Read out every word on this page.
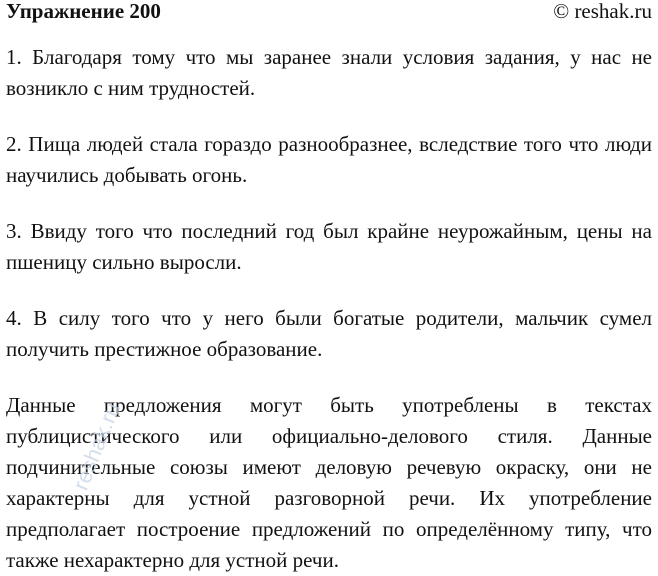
Упражнение 200	© reshak.ru

1. Благодаря тому что мы заранее знали условия задания, у нас не возникло с ним трудностей.

2. Пища людей стала гораздо разнообразнее, вследствие того что люди научились добывать огонь.

3. Ввиду того что последний год был крайне неурожайным, цены на пшеницу сильно выросли.

4. В силу того что у него были богатые родители, мальчик сумел получить престижное образование.

Данные предложения могут быть употреблены в текстах публицистического или официально-делового стиля. Данные подчинительные союзы имеют деловую речевую окраску, они не характерны для устной разговорной речи. Их употребление предполагает построение предложений по определённому типу, что также нехарактерно для устной речи.

reshak.ru
